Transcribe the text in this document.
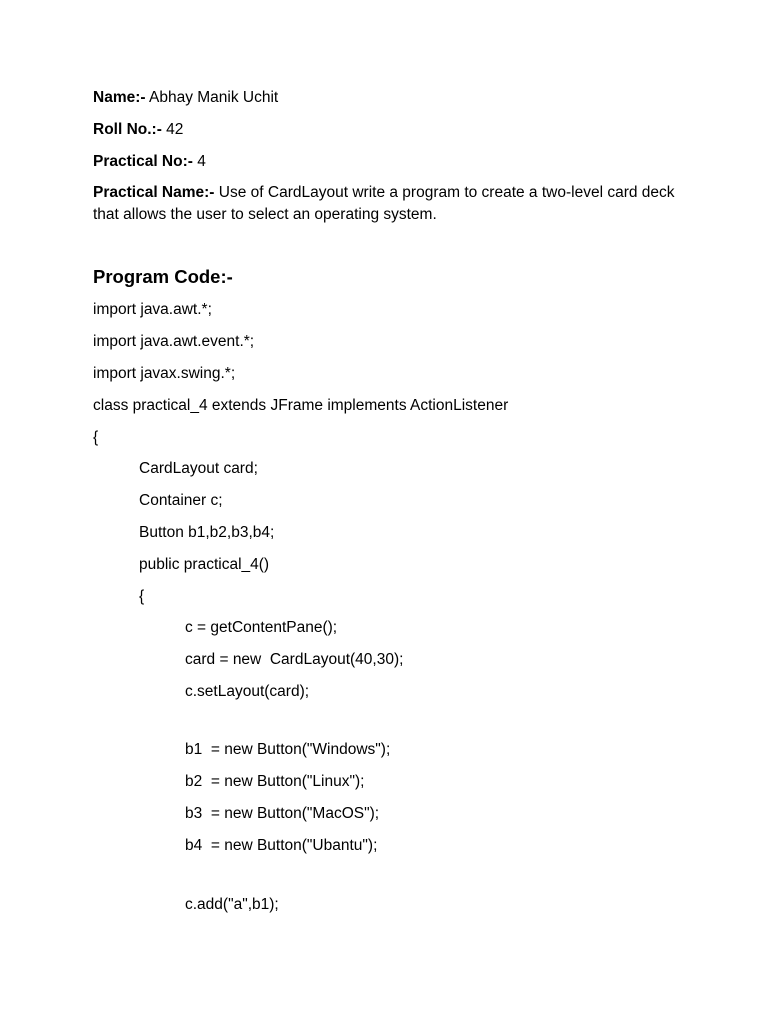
Name:- Abhay Manik Uchit
Roll No.:- 42
Practical No:- 4
Practical Name:- Use of CardLayout write a program to create a two-level card deck that allows the user to select an operating system.
Program Code:-
import java.awt.*;
import java.awt.event.*;
import javax.swing.*;
class practical_4 extends JFrame implements ActionListener
{
CardLayout card;
Container c;
Button b1,b2,b3,b4;
public practical_4()
{
c = getContentPane();
card = new  CardLayout(40,30);
c.setLayout(card);
b1  = new Button("Windows");
b2  = new Button("Linux");
b3  = new Button("MacOS");
b4  = new Button("Ubantu");
c.add("a",b1);
